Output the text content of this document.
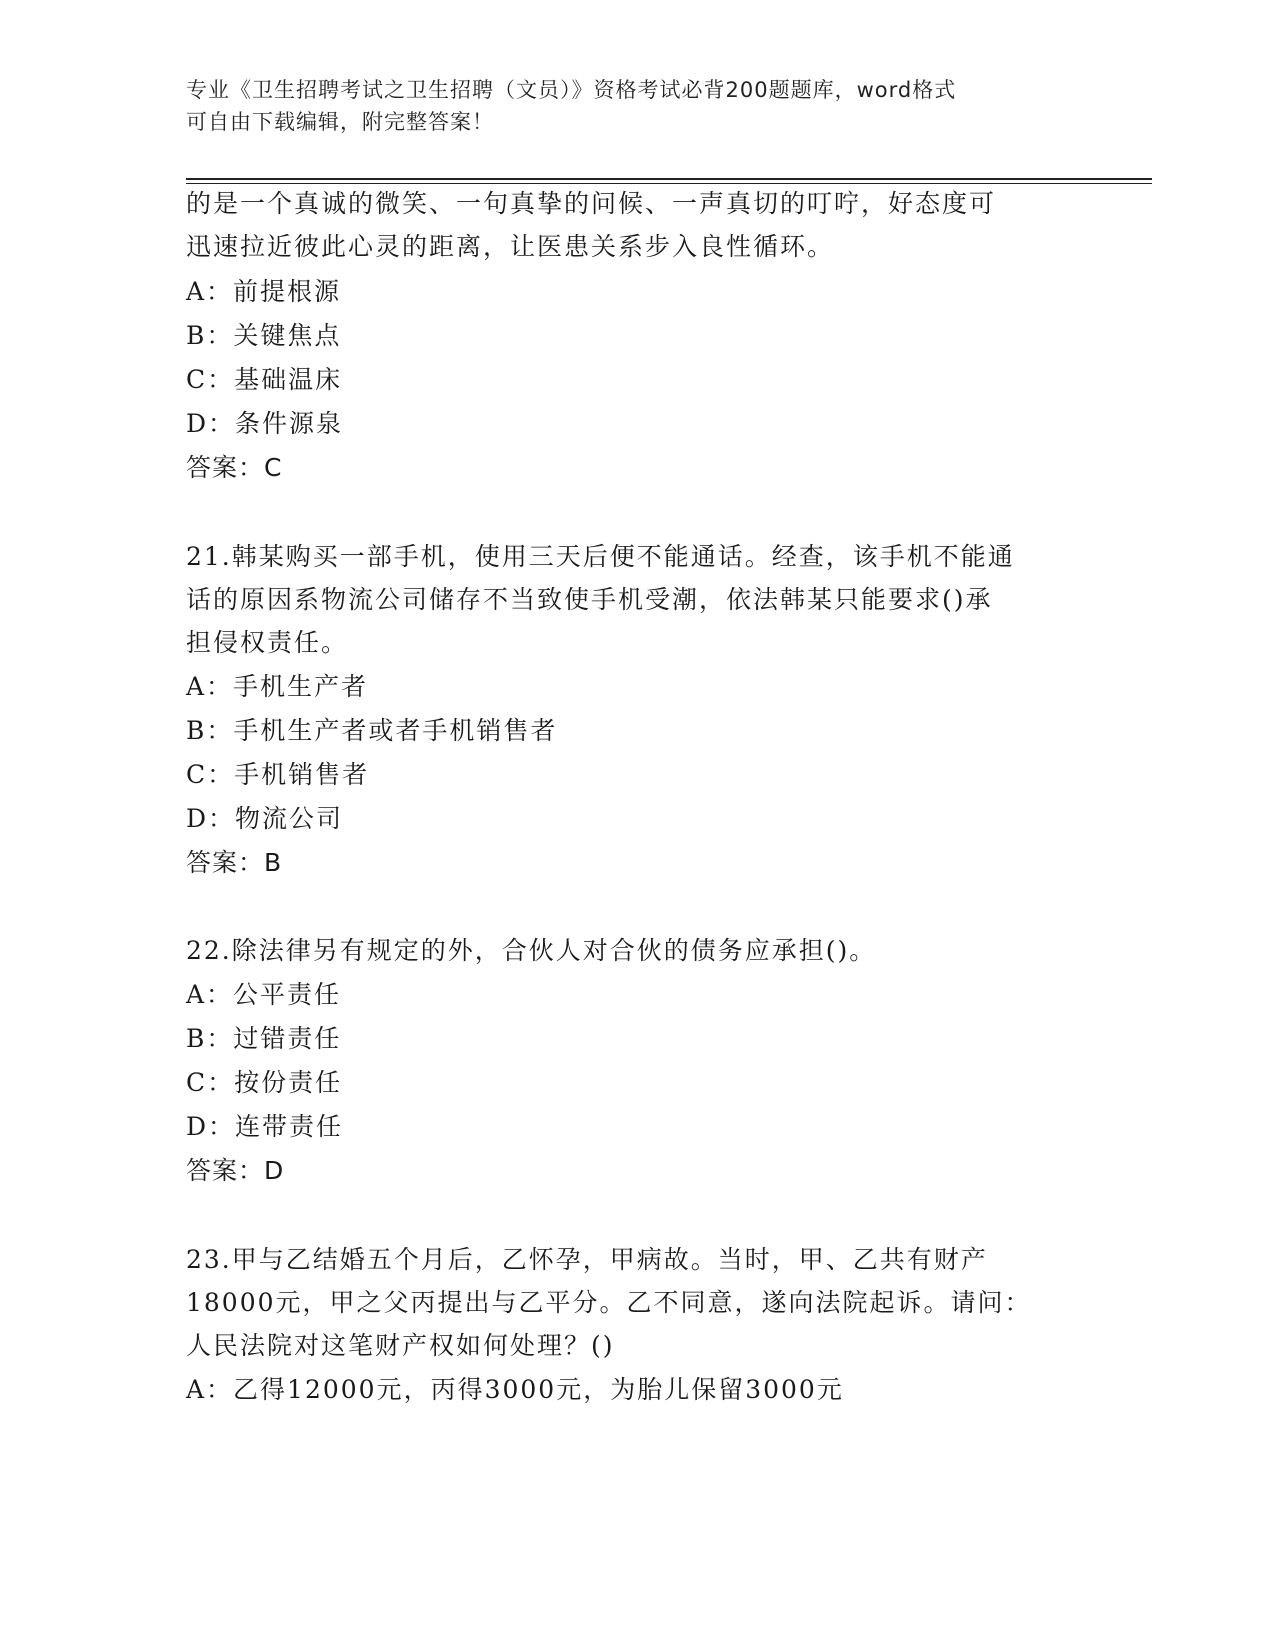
专业《卫生招聘考试之卫生招聘（文员）》资格考试必背200题题库，word格式
可自由下载编辑，附完整答案！
的是一个真诚的微笑、一句真挚的问候、一声真切的叮咛，好态度可
迅速拉近彼此心灵的距离，让医患关系步入良性循环。
A：前提根源
B：关键焦点
C：基础温床
D：条件源泉
答案：C
21.韩某购买一部手机，使用三天后便不能通话。经查，该手机不能通
话的原因系物流公司储存不当致使手机受潮，依法韩某只能要求()承
担侵权责任。
A：手机生产者
B：手机生产者或者手机销售者
C：手机销售者
D：物流公司
答案：B
22.除法律另有规定的外，合伙人对合伙的债务应承担()。
A：公平责任
B：过错责任
C：按份责任
D：连带责任
答案：D
23.甲与乙结婚五个月后，乙怀孕，甲病故。当时，甲、乙共有财产
18000元，甲之父丙提出与乙平分。乙不同意，遂向法院起诉。请问：
人民法院对这笔财产权如何处理？()
A：乙得12000元，丙得3000元，为胎儿保留3000元
